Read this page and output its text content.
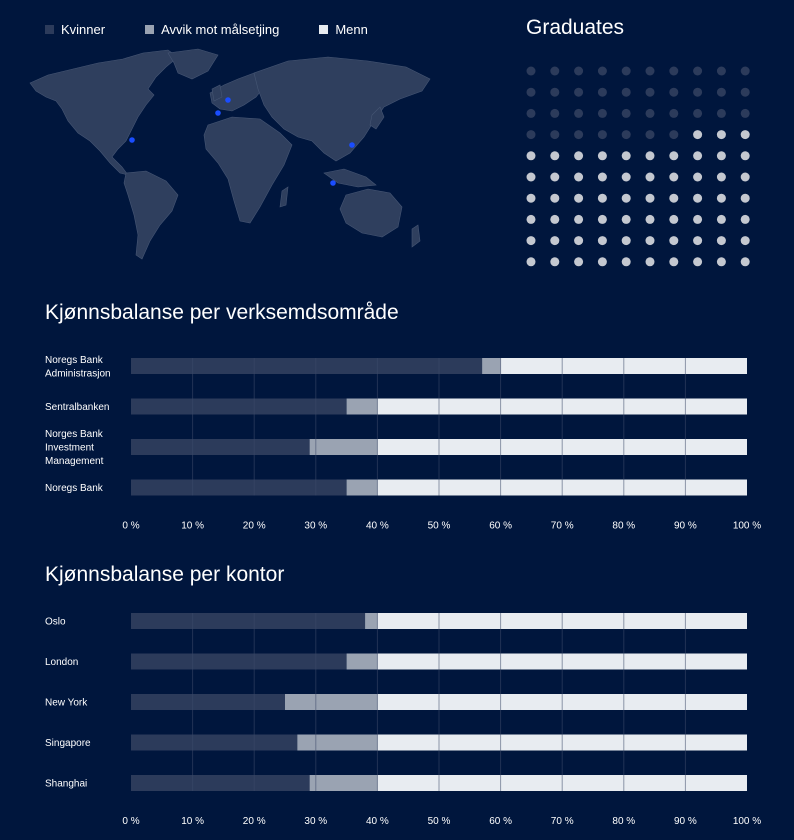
Kvinner	Avvik mot målsetjing	Menn	Graduates
Kjønnsbalanse per verksemdsområde
Noregs Bank Administrasjon
Sentralbanken
Norges Bank Investment Management
Noregs Bank
0 %	10 %	20 %	30 %	40 %	50 %	60 %	70 %	80 %	90 %	100 %
Kjønnsbalanse per kontor
Oslo
London
New York
Singapore
Shanghai
0 %	10 %	20 %	30 %	40 %	50 %	60 %	70 %	80 %	90 %	100 %
